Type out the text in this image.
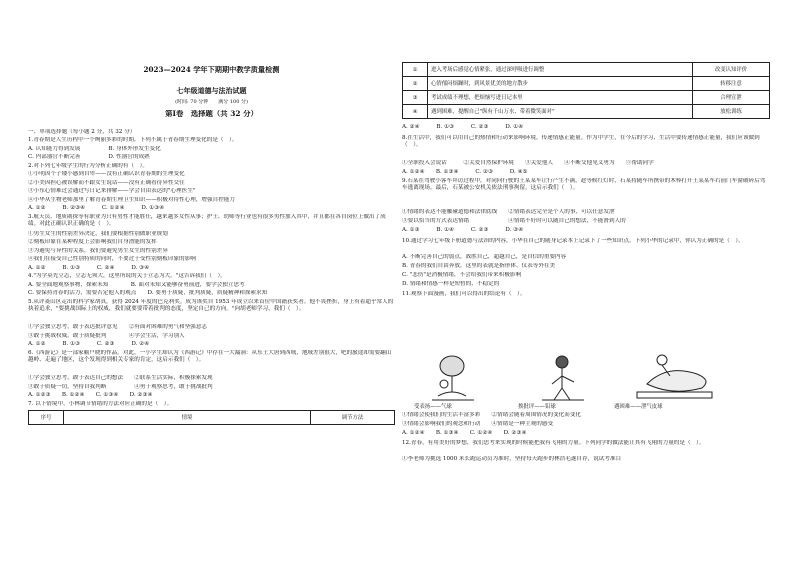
2023—2024 学年下期期中教学质量检测
七年级道德与法治试题
(时间: 70 分钟　　满分 100 分)
第Ⅰ卷　选择题（共 32 分）
一、单项选择题（每小题 2 分，共 32 分）
1.青春期是人生历程中一个绚丽多彩的时期。下列不属于青春期生理变化的是（　）。
A. 认知能力得到发展　　　　　B. 身体外形发生变化
C. 内部器官不断完善　　　　　D. 性器官的成熟
2.对下列七年级学生的行为分析正确的有（　）。
①小明因个子矮小感到自卑——没有正确认识青春期的生理变化
②小美因担心被误解而不跟女生说话——没有正确看待异性交往
③小东心情难过会通过写日记来排解——学会自由表达的"心理医生"
④小华从生物老师那里了解青春期生理卫生知识——积极对待性心理，增强自控能力
A. ①②　　　B. ②③④　　　C. ①②④　　　D. ①③④
3.航天员、地质勘探等有职业为只有男性才能胜任，越来越多女性从事；护士、幼师等行业也有很多男性加入其中，并且都在各自岗位上做出了成绩。对此正确认识正确的是（　）。
①男生女生的性别差异决定，我们要根据性别做职业规划
②刻板印象在某种程度上会影响我们自身潜能的发挥
③为避免与异性的关系，我们要避免男生女生的性别差异
④我们在接受自己性别特质的同时，不要过于受性别刻板印象的影响
A. ①②　　　B. ①③　　　C. ②④　　　D. ③④
4."为学莫先立志，立志无须大，这里所说的关于立志为大。"这告诉我们（　）。
A. 要全面地观察事物，探索未知　　　　B. 面对未知又能够奋勇前进，要学会独立思考
C. 要保持青春的活力，需要否定他人的观点　　D. 要勇于质疑，批判质疑，质疑精神和探索求知
5.从评菱山区走出的科学家胡真，获得 2024 年度的巴克利奖。成为该奖自 1953 年成立以来首位中国籍获奖者。他不畏挫折，身上有着超乎常人的执着追求，"要挑战国际上的权威，我们就要要带着批判的态度，坚定自己的方向。"向胡老师学习，我们（　）。
①学会独立思考，敢于表达批评意见　　②有面对困难的勇气和坚强意志
③敢于挑战权威，敢于质疑批判　　　　④学会生活，学习别人
A. ①②　　　B. ①③　　　C. ②③　　　D. ②④
6.《西游记》是一部家喻户晓的作品。对此，一小学生却认为《西游记》中存在一大漏洞：从东土大唐到西域，地域差别很大，吧的旅途却需要翻山越岭、走遍了地区，这个发现得到相关专家的肯定，这启示我们（　）。
①学会独立思考，敢于表达自己的想法　　②联系生活实际，积极探索发现
③敢于质疑一切，坚持自我判断　　　　　④勇于观察思考，敢于挑战批判
A. ①②③　　B. ①②④　　C. ①③④　　D. ②③④
7. 以下情境中，小林调节情绪的方法对应正确的是（　）。
序号	情境	调节方法
①	进入考场后感觉心情紧张，通过深呼吸进行调整	改变认知评价
②	心情郁闷烦躁时，到风景优美的地方散步	转移注意
③	考试成绩不理想，把烦恼写进日记本里	合理宣泄
④	遇到困难，提醒自己"纵有千山万水，带着微笑面对"	放松训练
A. ②④　　　B. ①③　　　C. ②③　　　D. ①④
8.在生活中，我们可以用自己的热情和行动来影响环境，传递情感正能量。作为中学生，在今后的学习、生活中要传递情感正能量，我们应该做到（　）。
①全职投入会说话　　　②关爱自然保护环境　　③关爱他人　　④不断交他见义勇为　　⑤帮助同学
A. ①②④　　B. ①③④　　　C. ②③　　　D. ④⑤
9.石某在驾驶小客车拜访过程中，对同向行驶的王某某车让行产生不满，趁等候红灯时，石某持随车所携带的木棒打开王某某车右前门车窗破碎后驾车逃离现场。最后，石某被公安机关依法刑事拘留。这启示我们（　）。
①情绪的表达不能触碰道德和法律底线　　②情绪表达完全是个人的事，可以任意发泄
③要以恰当的方式表达情绪　　　　　　　④情绪不好时可以随自己的想法，不能滑到人的
A. ①③　　　B. ①④　　　C. ②③　　　D. ③④
10.通过学习七年级下册道德与法治的内容，小华在自己的随身记录本上记录下了一些知识点。下列小华的记录中，你认为正确的是（　）。
A. 不断完善自己的弱点，战胜自己，超越自己，是自信的重要内容
B. 青春的我们自由奔放，这里的表就是指形体、仪表等外在美
C. "悲伤"是消极情绪，不会给我们带来积极影响
D. 情绪和情感一样是短暂的、不稳定的
11.观察下面漫画，我们可以得出的结论有（　）。
受表扬——气球	挨批评——铅球	遇困难——泄气皮球
①情绪会使我们的生活丰富多彩　　②情绪会随着周围情况的变化而变化
③情绪会影响我们的观念和行动　　④情绪是一种主观的感受
A. ①②④　　B. ①③④　　C. ①②④　　D. ②③④
12.青春，有用美好的梦想，我们思考来实现的时候能把我有飞翔的力量。下列同学的做法能让其有飞翔的力量的是（　）。
①李老师为挑选 1000 米长跑运动员为准时，坚持每天跑步的林浩毛遂自荐，说试考准目
